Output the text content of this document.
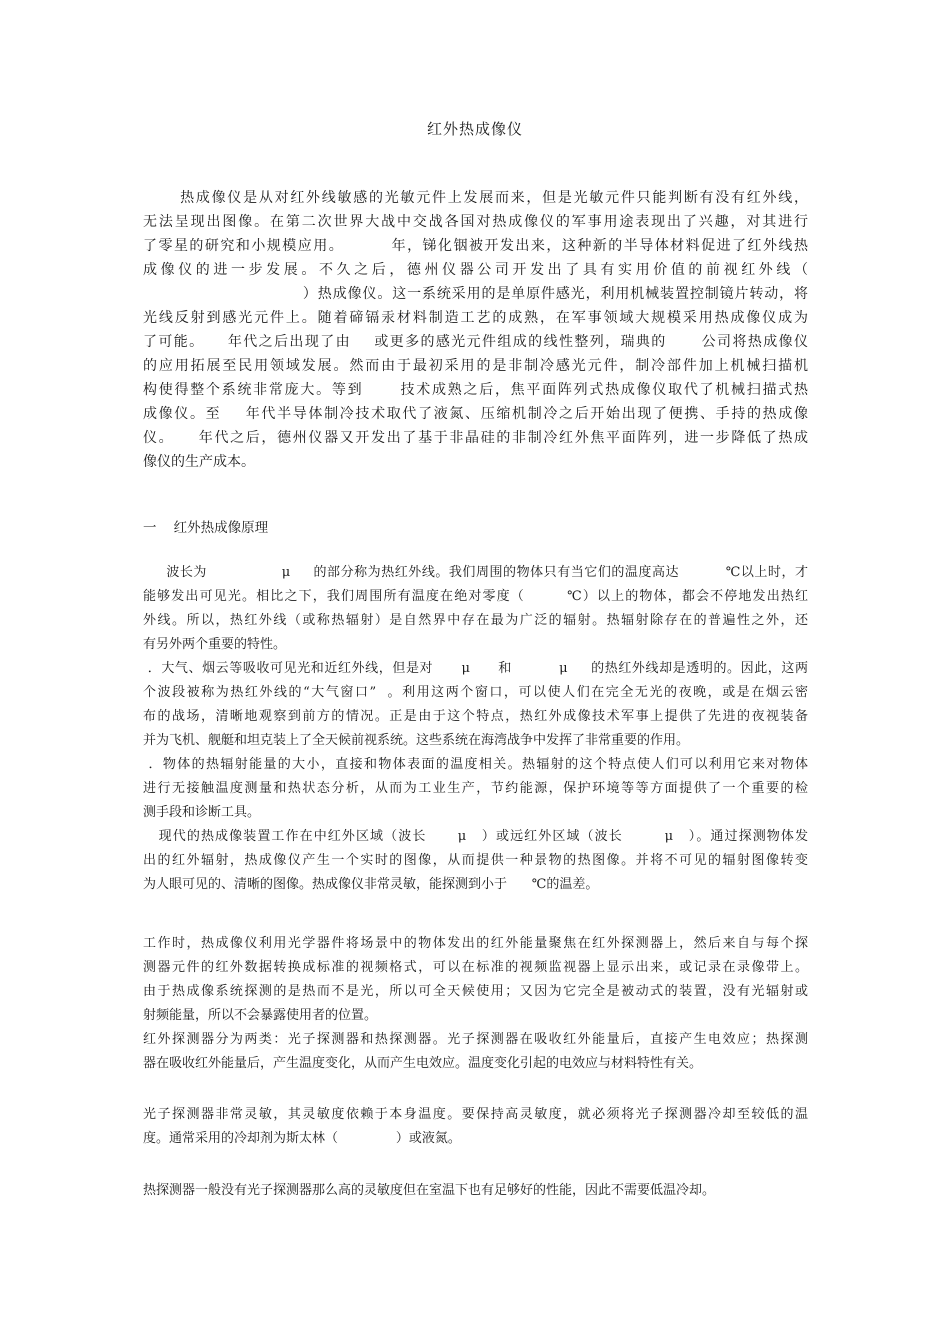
红外热成像仪
热成像仪是从对红外线敏感的光敏元件上发展而来，但是光敏元件只能判断有没有红外线，
无法呈现出图像。在第二次世界大战中交战各国对热成像仪的军事用途表现出了兴趣，对其进行
了零星的研究和小规模应用。        年，锑化铟被开发出来，这种新的半导体材料促进了红外线热
成像仪的进一步发展。不久之后，德州仪器公司开发出了具有实用价值的前视红外线（
）热成像仪。这一系统采用的是单原件感光，利用机械装置控制镜片转动，将
光线反射到感光元件上。随着碲镉汞材料制造工艺的成熟，在军事领域大规模采用热成像仪成为
了可能。    年代之后出现了由    或更多的感光元件组成的线性整列，瑞典的      公司将热成像仪
的应用拓展至民用领域发展。然而由于最初采用的是非制冷感光元件，制冷部件加上机械扫描机
构使得整个系统非常庞大。等到      技术成熟之后，焦平面阵列式热成像仪取代了机械扫描式热
成像仪。至    年代半导体制冷技术取代了液氮、压缩机制冷之后开始出现了便携、手持的热成像
仪。    年代之后，德州仪器又开发出了基于非晶硅的非制冷红外焦平面阵列，进一步降低了热成
像仪的生产成本。
一    红外热成像原理
波长为                μ     的部分称为热红外线。我们周围的物体只有当它们的温度高达          ℃以上时，才
能够发出可见光。相比之下，我们周围所有温度在绝对零度（        ℃）以上的物体，都会不停地发出热红
外线。所以，热红外线（或称热辐射）是自然界中存在最为广泛的辐射。热辐射除存在的普遍性之外，还
有另外两个重要的特性。
．大气、烟云等吸收可见光和近红外线，但是对      μ      和          μ     的热红外线却是透明的。因此，这两
个波段被称为热红外线的“大气窗口”  。利用这两个窗口，可以使人们在完全无光的夜晚，或是在烟云密
布的战场，清晰地观察到前方的情况。正是由于这个特点，热红外成像技术军事上提供了先进的夜视装备
并为飞机、舰艇和坦克装上了全天候前视系统。这些系统在海湾战争中发挥了非常重要的作用。
．物体的热辐射能量的大小，直接和物体表面的温度相关。热辐射的这个特点使人们可以利用它来对物体
进行无接触温度测量和热状态分析，从而为工业生产，节约能源，保护环境等等方面提供了一个重要的检
测手段和诊断工具。
现代的热成像装置工作在中红外区域（波长      μ   ）或远红外区域（波长        μ   ）。通过探测物体发
出的红外辐射，热成像仪产生一个实时的图像，从而提供一种景物的热图像。并将不可见的辐射图像转变
为人眼可见的、清晰的图像。热成像仪非常灵敏，能探测到小于      ℃的温差。
工作时，热成像仪利用光学器件将场景中的物体发出的红外能量聚焦在红外探测器上，然后来自与每个探
测器元件的红外数据转换成标准的视频格式，可以在标准的视频监视器上显示出来，或记录在录像带上。
由于热成像系统探测的是热而不是光，所以可全天候使用；又因为它完全是被动式的装置，没有光辐射或
射频能量，所以不会暴露使用者的位置。
红外探测器分为两类：光子探测器和热探测器。光子探测器在吸收红外能量后，直接产生电效应；热探测
器在吸收红外能量后，产生温度变化，从而产生电效应。温度变化引起的电效应与材料特性有关。
光子探测器非常灵敏，其灵敏度依赖于本身温度。要保持高灵敏度，就必须将光子探测器冷却至较低的温
度。通常采用的冷却剂为斯太林（              ）或液氮。
热探测器一般没有光子探测器那么高的灵敏度但在室温下也有足够好的性能，因此不需要低温冷却。
